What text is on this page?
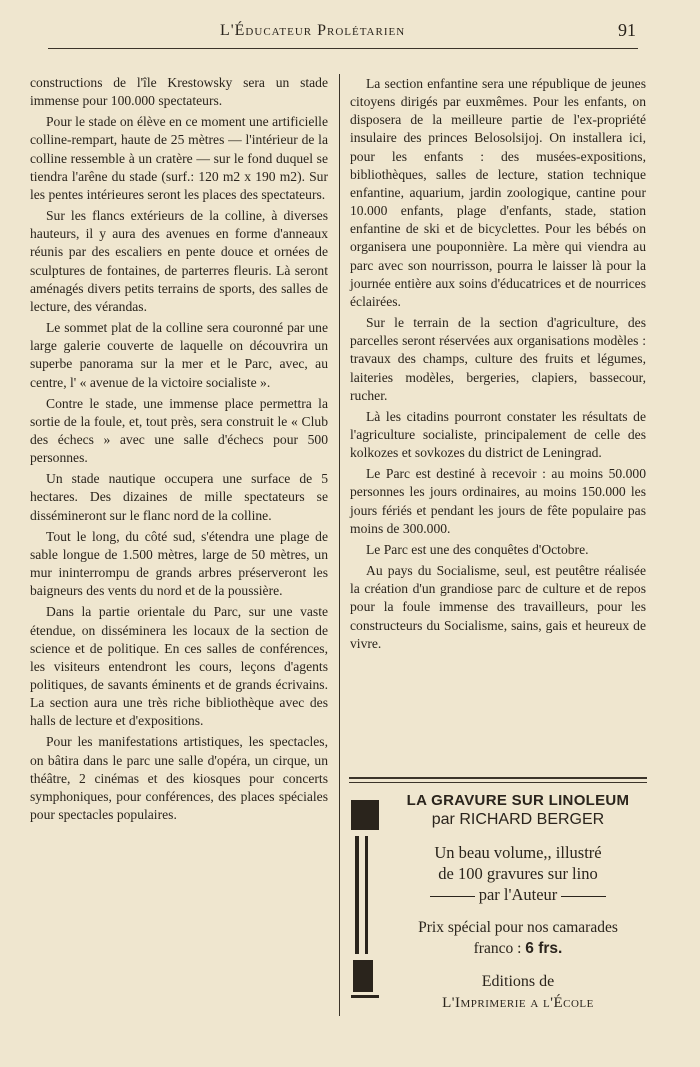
L'Éducateur Prolétarien	91

constructions de l'île Krestowsky sera un stade immense pour 100.000 spectateurs.

Pour le stade on élève en ce moment une artificielle colline-rempart, haute de 25 mètres — l'intérieur de la colline ressemble à un cratère — sur le fond duquel se tiendra l'arêne du stade (surf.: 120 m2 x 190 m2). Sur les pentes intérieures seront les places des spectateurs.

Sur les flancs extérieurs de la colline, à diverses hauteurs, il y aura des avenues en forme d'anneaux réunis par des escaliers en pente douce et ornées de sculptures de fontaines, de parterres fleuris. Là seront aménagés divers petits terrains de sports, des salles de lecture, des vérandas.

Le sommet plat de la colline sera couronné par une large galerie couverte de laquelle on découvrira un superbe panorama sur la mer et le Parc, avec, au centre, l' « avenue de la victoire socialiste ».

Contre le stade, une immense place permettra la sortie de la foule, et, tout près, sera construit le « Club des échecs » avec une salle d'échecs pour 500 personnes.

Un stade nautique occupera une surface de 5 hectares. Des dizaines de mille spectateurs se dissémineront sur le flanc nord de la colline.

Tout le long, du côté sud, s'étendra une plage de sable longue de 1.500 mètres, large de 50 mètres, un mur ininterrompu de grands arbres préserveront les baigneurs des vents du nord et de la poussière.

Dans la partie orientale du Parc, sur une vaste étendue, on disséminera les locaux de la section de science et de politique. En ces salles de conférences, les visiteurs entendront les cours, leçons d'agents politiques, de savants éminents et de grands écrivains. La section aura une très riche bibliothèque avec des halls de lecture et d'expositions.

Pour les manifestations artistiques, les spectacles, on bâtira dans le parc une salle d'opéra, un cirque, un théâtre, 2 cinémas et des kiosques pour concerts symphoniques, pour conférences, des places spéciales pour spectacles populaires.

La section enfantine sera une république de jeunes citoyens dirigés par euxmêmes. Pour les enfants, on disposera de la meilleure partie de l'ex-propriété insulaire des princes Belosolsijoj. On installera ici, pour les enfants : des musées-expositions, bibliothèques, salles de lecture, station technique enfantine, aquarium, jardin zoologique, cantine pour 10.000 enfants, plage d'enfants, stade, station enfantine de ski et de bicyclettes. Pour les bébés on organisera une pouponnière. La mère qui viendra au parc avec son nourrisson, pourra le laisser là pour la journée entière aux soins d'éducatrices et de nourrices éclairées.

Sur le terrain de la section d'agriculture, des parcelles seront réservées aux organisations modèles : travaux des champs, culture des fruits et légumes, laiteries modèles, bergeries, clapiers, bassecour, rucher.

Là les citadins pourront constater les résultats de l'agriculture socialiste, principalement de celle des kolkozes et sovkozes du district de Leningrad.

Le Parc est destiné à recevoir : au moins 50.000 personnes les jours ordinaires, au moins 150.000 les jours fériés et pendant les jours de fête populaire pas moins de 300.000.

Le Parc est une des conquêtes d'Octobre.

Au pays du Socialisme, seul, est peutêtre réalisée la création d'un grandiose parc de culture et de repos pour la foule immense des travailleurs, pour les constructeurs du Socialisme, sains, gais et heureux de vivre.

LA GRAVURE SUR LINOLEUM
par RICHARD BERGER
Un beau volume,, illustré
de 100 gravures sur lino
par l'Auteur
Prix spécial pour nos camarades
franco : 6 frs.
Editions de
L'Imprimerie a l'École
